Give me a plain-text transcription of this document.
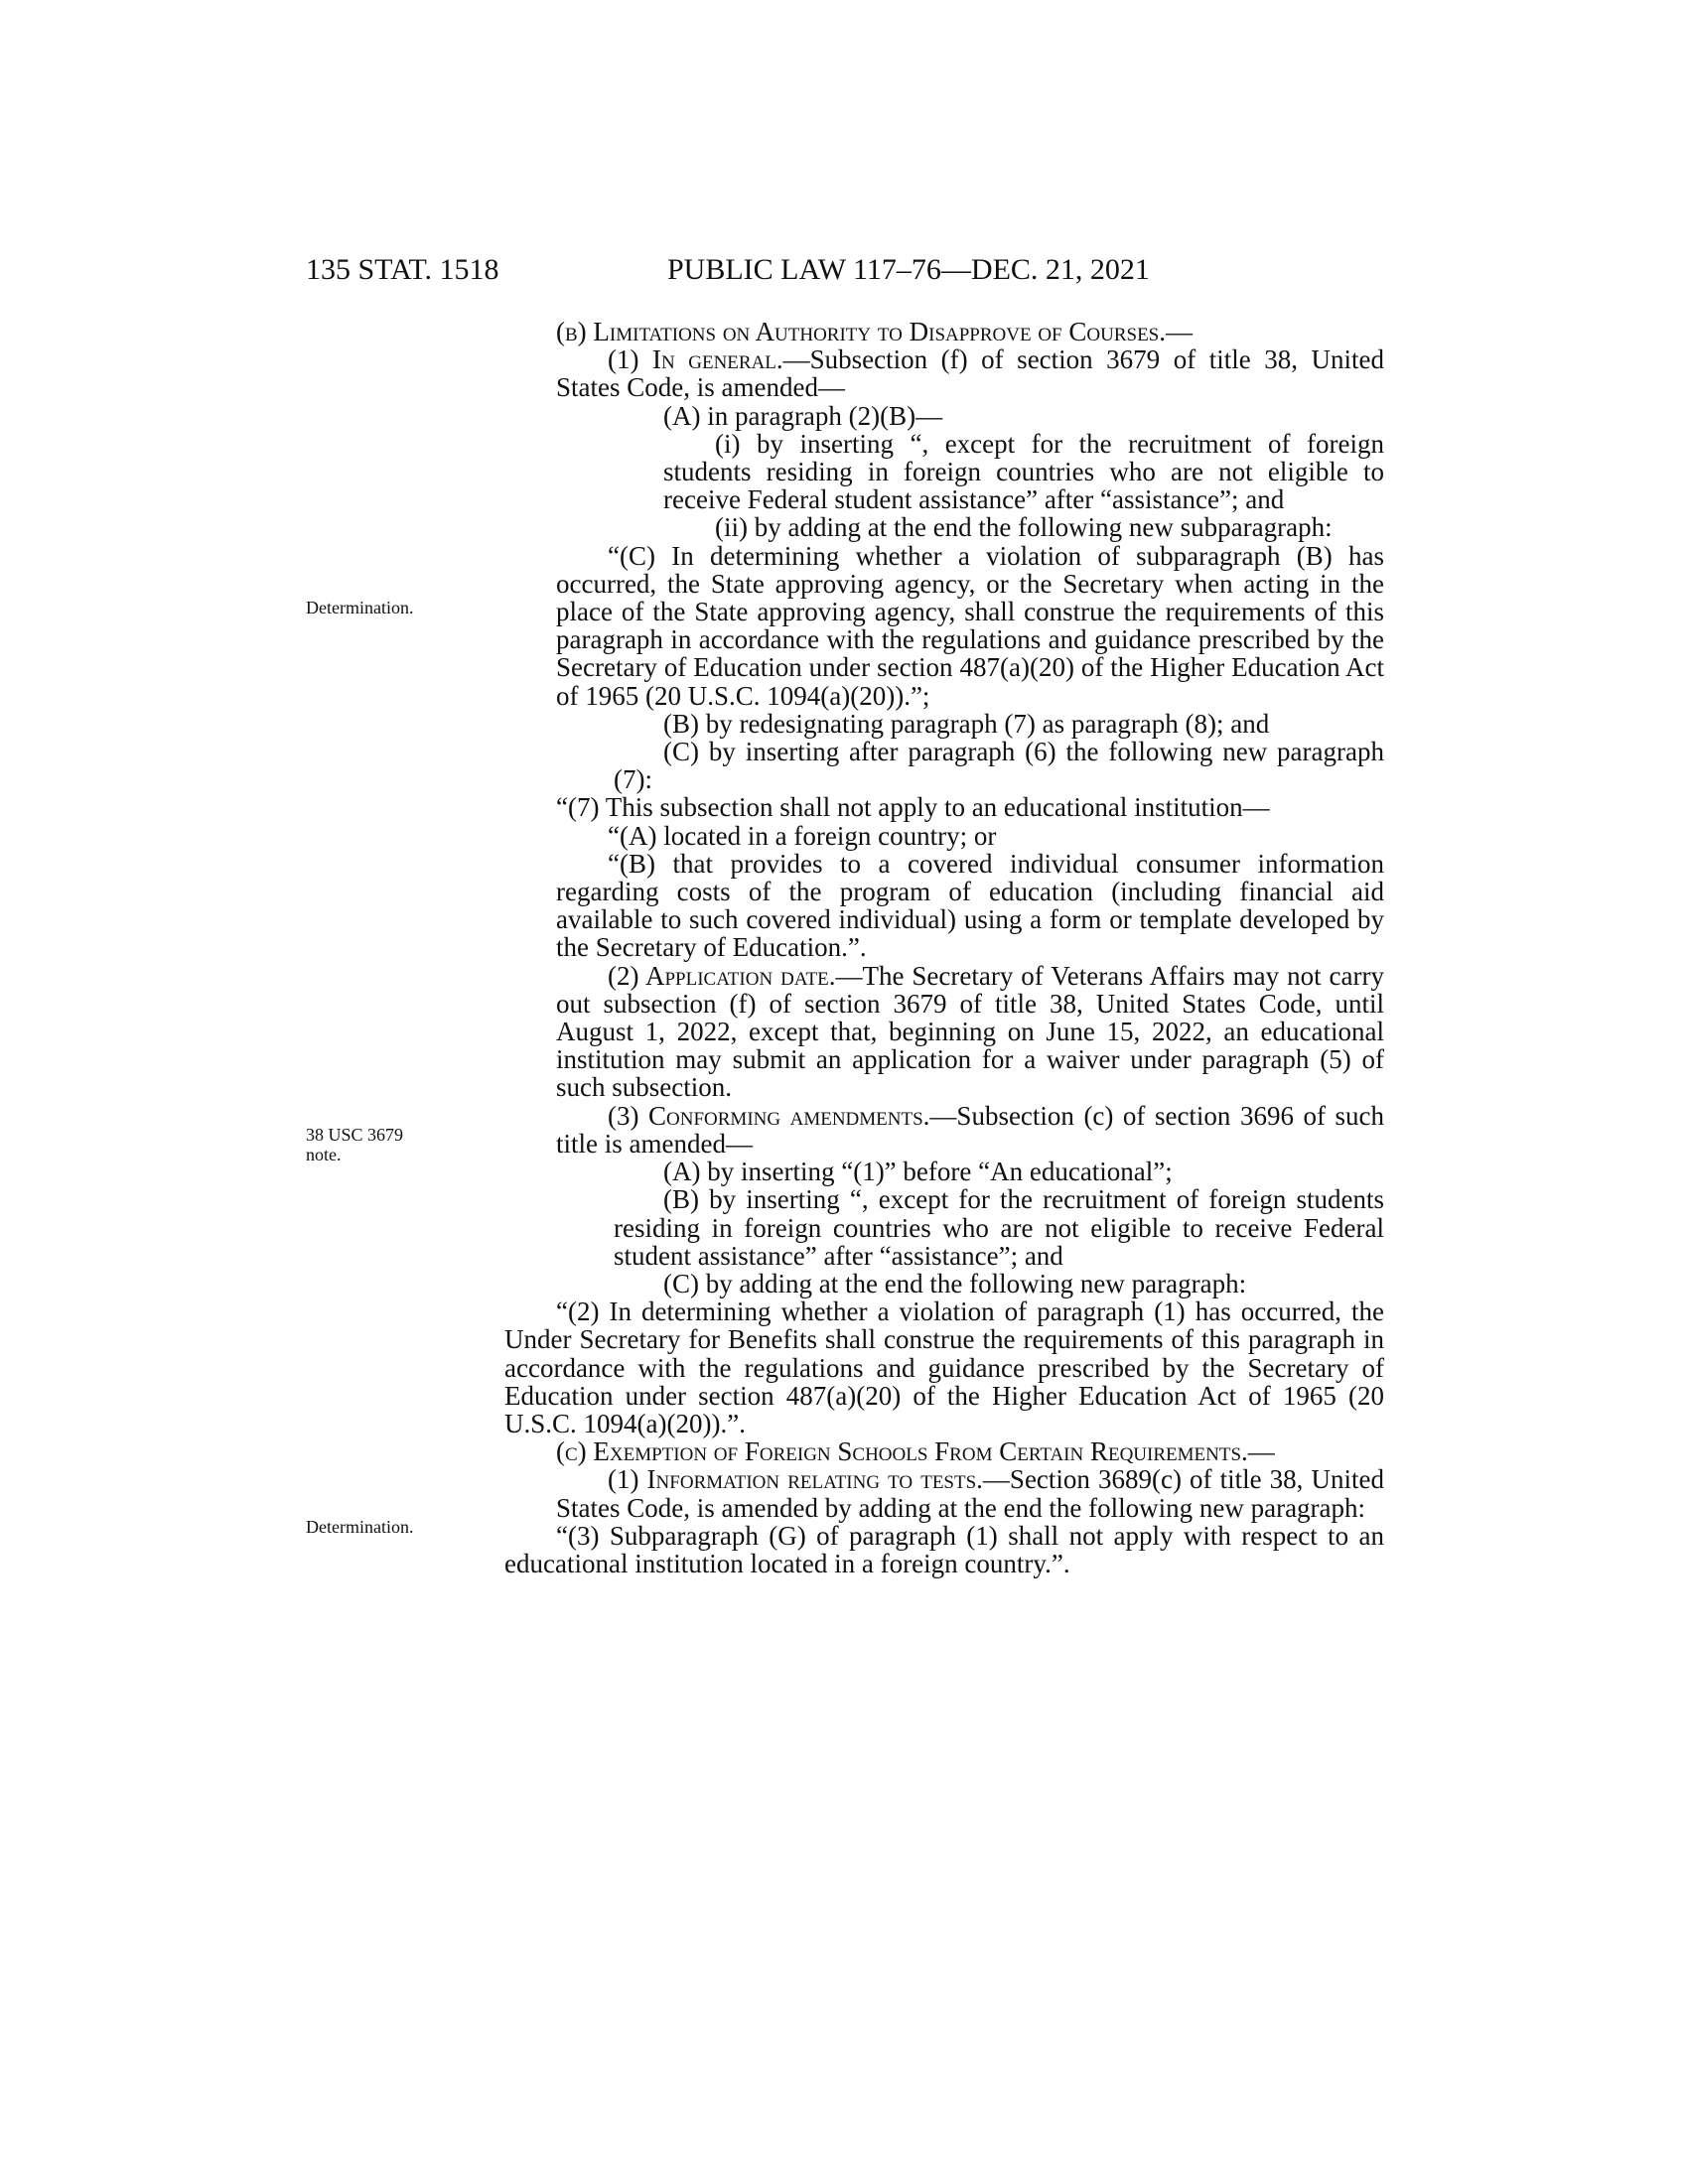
135 STAT. 1518	PUBLIC LAW 117–76—DEC. 21, 2021
Determination.
38 USC 3679
note.
Determination.

(b) Limitations on Authority to Disapprove of Courses.—

(1) In general.—Subsection (f) of section 3679 of title 38, United States Code, is amended—

(A) in paragraph (2)(B)—

(i) by inserting “, except for the recruitment of foreign students residing in foreign countries who are not eligible to receive Federal student assistance” after “assistance”; and

(ii) by adding at the end the following new subparagraph:

“(C) In determining whether a violation of subparagraph (B) has occurred, the State approving agency, or the Secretary when acting in the place of the State approving agency, shall construe the requirements of this paragraph in accordance with the regulations and guidance prescribed by the Secretary of Education under section 487(a)(20) of the Higher Education Act of 1965 (20 U.S.C. 1094(a)(20)).”;

(B) by redesignating paragraph (7) as paragraph (8); and

(C) by inserting after paragraph (6) the following new paragraph (7):

“(7) This subsection shall not apply to an educational institution—

“(A) located in a foreign country; or

“(B) that provides to a covered individual consumer information regarding costs of the program of education (including financial aid available to such covered individual) using a form or template developed by the Secretary of Education.”.

(2) Application date.—The Secretary of Veterans Affairs may not carry out subsection (f) of section 3679 of title 38, United States Code, until August 1, 2022, except that, beginning on June 15, 2022, an educational institution may submit an application for a waiver under paragraph (5) of such subsection.

(3) Conforming amendments.—Subsection (c) of section 3696 of such title is amended—

(A) by inserting “(1)” before “An educational”;

(B) by inserting “, except for the recruitment of foreign students residing in foreign countries who are not eligible to receive Federal student assistance” after “assistance”; and

(C) by adding at the end the following new paragraph:

“(2) In determining whether a violation of paragraph (1) has occurred, the Under Secretary for Benefits shall construe the requirements of this paragraph in accordance with the regulations and guidance prescribed by the Secretary of Education under section 487(a)(20) of the Higher Education Act of 1965 (20 U.S.C. 1094(a)(20)).”.

(c) Exemption of Foreign Schools From Certain Requirements.—

(1) Information relating to tests.—Section 3689(c) of title 38, United States Code, is amended by adding at the end the following new paragraph:

“(3) Subparagraph (G) of paragraph (1) shall not apply with respect to an educational institution located in a foreign country.”.
